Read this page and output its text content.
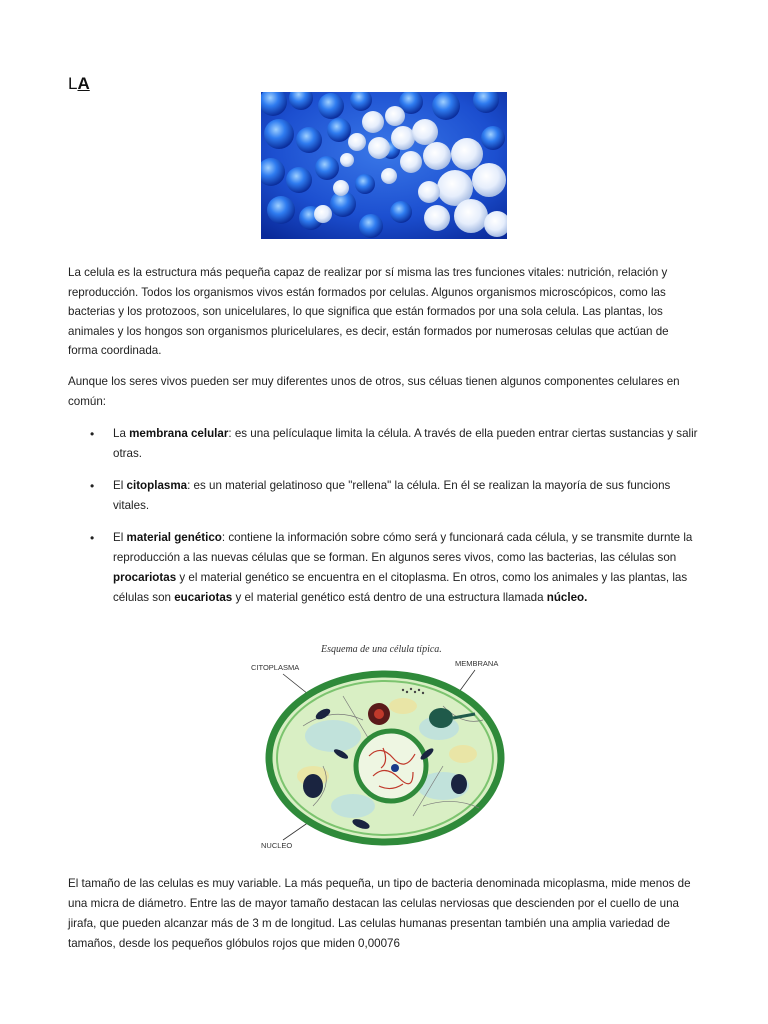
LA

La celula es la estructura más pequeña capaz de realizar por sí misma las tres funciones vitales: nutrición, relación y reproducción. Todos los organismos vivos están formados por celulas. Algunos organismos microscópicos, como las bacterias y los protozoos, son unicelulares, lo que significa que están formados por una sola celula. Las plantas, los animales y los hongos son organismos pluricelulares, es decir, están formados por numerosas celulas que actúan de forma coordinada.

Aunque los seres vivos pueden ser muy diferentes unos de otros, sus céluas tienen algunos componentes celulares en común:

• La membrana celular: es una películaque limita la célula. A través de ella pueden entrar ciertas sustancias y salir otras.
• El citoplasma: es un material gelatinoso que "rellena" la célula. En él se realizan la mayoría de sus funcions vitales.
• El material genético: contiene la información sobre cómo será y funcionará cada célula, y se transmite durnte la reproducción a las nuevas células que se forman. En algunos seres vivos, como las bacterias, las células son procariotas y el material genético se encuentra en el citoplasma. En otros, como los animales y las plantas, las células son eucariotas y el material genético está dentro de una estructura llamada núcleo.
Esquema de una célula típica.
CITOPLASMA	MEMBRANA
NUCLEO

El tamaño de las celulas es muy variable. La más pequeña, un tipo de bacteria denominada micoplasma, mide menos de una micra de diámetro. Entre las de mayor tamaño destacan las celulas nerviosas que descienden por el cuello de una jirafa, que pueden alcanzar más de 3 m de longitud. Las celulas humanas presentan también una amplia variedad de tamaños, desde los pequeños glóbulos rojos que miden 0,00076
